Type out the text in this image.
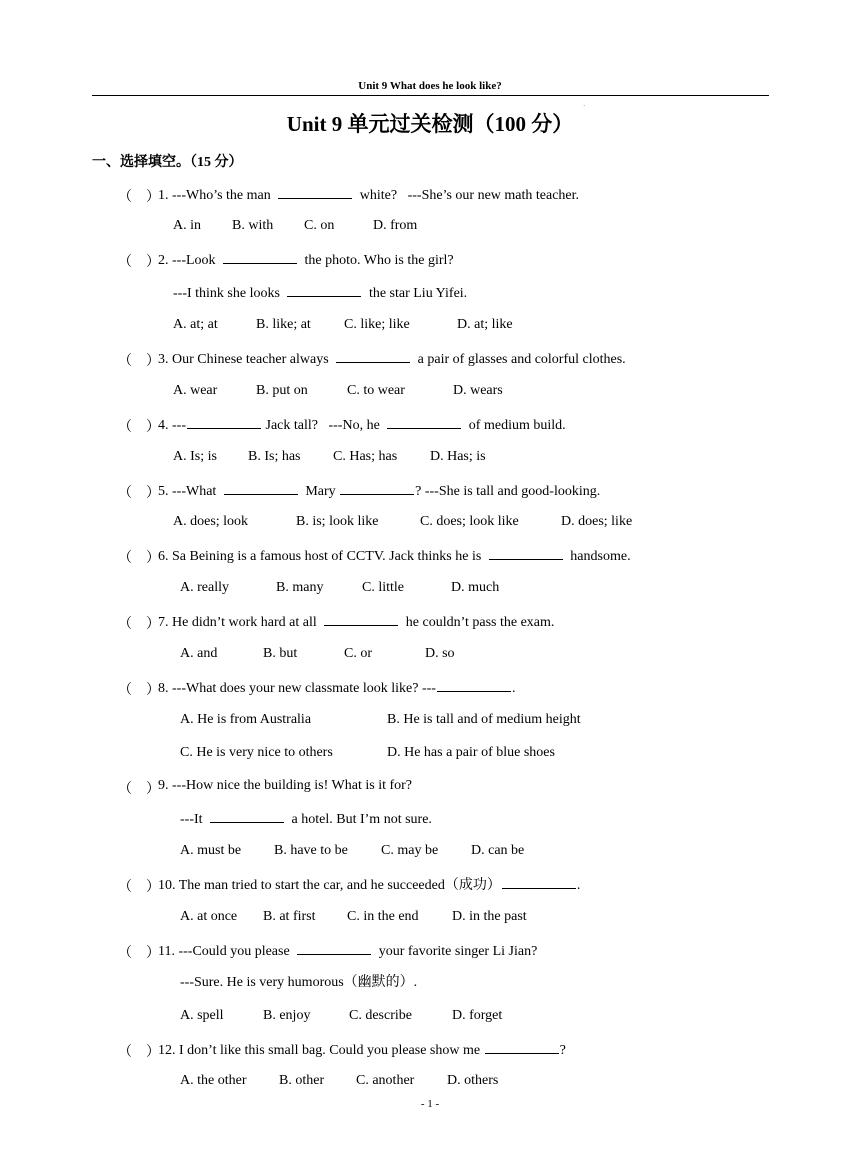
Unit 9 What does he look like?
Unit 9 单元过关检测（100 分）
·
一、选择填空。（15 分）
（　）
1. ---Who’s the man	white? ---She’s our new math teacher.
A. in B. with C. on	D. from
（　）
2. ---Look	the photo. Who is the girl?
---I think she looks	the star Liu Yifei.
A. at; at	B. like; at C. like; like	D. at; like
（　）
3. Our Chinese teacher always	a pair of glasses and colorful clothes.
A. wear	B. put on	C. to wear	D. wears
（　）
4. ---	Jack tall? ---No, he	of medium build.
A. Is; is B. Is; has C. Has; has D. Has; is
（　）
5. ---What	Mary	? ---She is tall and good-looking.
A. does; look	B. is; look like	C. does; look like	D. does; like
（　）
6. Sa Beining is a famous host of CCTV. Jack thinks he is	handsome.
A. really	B. many	C. little	D. much
（　）
7. He didn’t work hard at all	he couldn’t pass the exam.
A. and	B. but	C. or	D. so
（　）
8. ---What does your new classmate look like? ---	.
A. He is from Australia	B. He is tall and of medium height
C. He is very nice to others	D. He has a pair of blue shoes
（　）
9. ---How nice the building is! What is it for?
---It	a hotel. But I’m not sure.
A. must be B. have to be C. may be D. can be
（　）
10. The man tried to start the car, and he succeeded（成功）	.
A. at once B. at first C. in the end D. in the past
（　）
11. ---Could you please	your favorite singer Li Jian?
---Sure. He is very humorous（幽默的）.
A. spell	B. enjoy	C. describe	D. forget
（　）
12. I don’t like this small bag. Could you please show me	?
A. the other B. other C. another D. others
- 1 -
